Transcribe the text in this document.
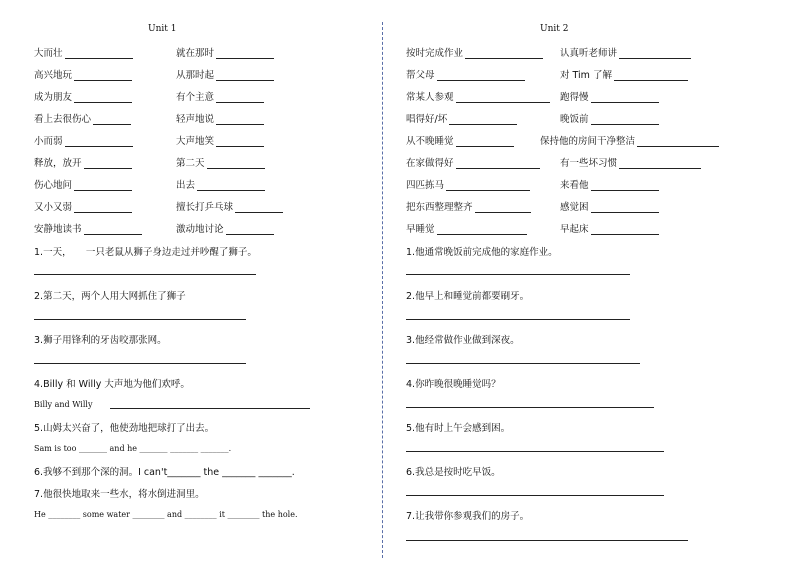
Unit 1
大而壮
高兴地玩
成为朋友
看上去很伤心
小而弱
释放，放开
伤心地问
又小又弱
安静地读书
就在那时
从那时起
有个主意
轻声地说
大声地笑
第二天
出去
擅长打乒乓球
激动地讨论
1.一天，　　一只老鼠从狮子身边走过并吵醒了狮子。
2.第二天，两个人用大网抓住了狮子
3.狮子用锋利的牙齿咬那张网。
4.Billy 和 Willy 大声地为他们欢呼。
Billy and Willy
5.山姆太兴奋了，他使劲地把球打了出去。
Sam is too _______ and he _______ _______ _______.
6.我够不到那个深的洞。I can't_______ the _______ _______.
7.他很快地取来一些水，将水倒进洞里。
He ________ some water ________ and ________ it ________ the hole.
Unit 2
按时完成作业
帮父母
常某人参观
唱得好/坏
从不晚睡觉
在家做得好
四匹拣马
把东西整理整齐
早睡觉
认真听老师讲
对 Tim 了解
跑得慢
晚饭前
保持他的房间干净整洁
有一些坏习惯
来看他
感觉困
早起床
1.他通常晚饭前完成他的家庭作业。
2.他早上和睡觉前都要刷牙。
3.他经常做作业做到深夜。
4.你昨晚很晚睡觉吗？
5.他有时上午会感到困。
6.我总是按时吃早饭。
7.让我带你参观我们的房子。
